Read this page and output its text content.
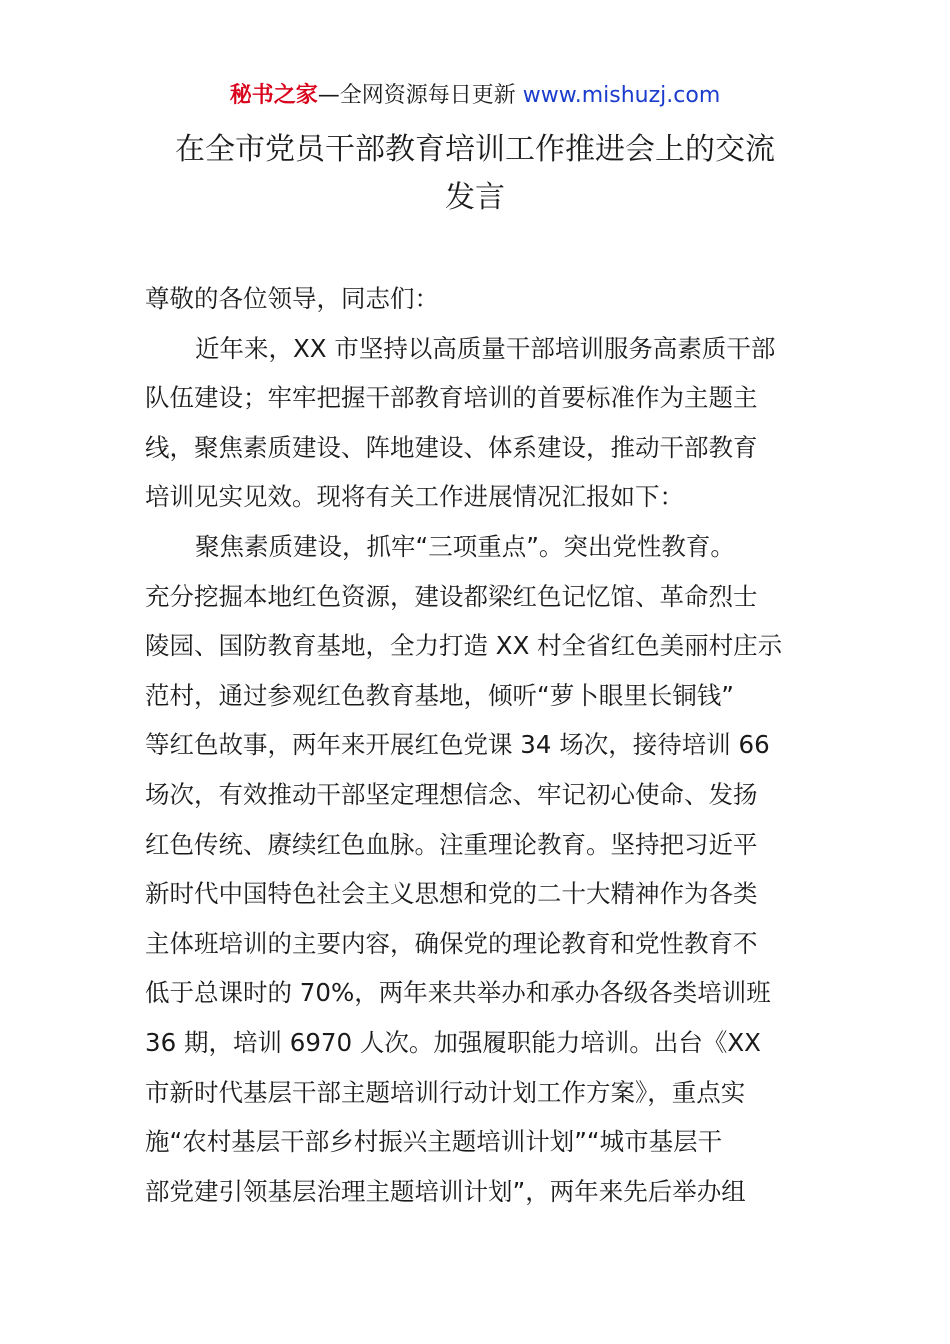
秘书之家—全网资源每日更新 www.mishuzj.com
在全市党员干部教育培训工作推进会上的交流
发言
尊敬的各位领导，同志们：
近年来，XX 市坚持以高质量干部培训服务高素质干部
队伍建设；牢牢把握干部教育培训的首要标准作为主题主
线，聚焦素质建设、阵地建设、体系建设，推动干部教育
培训见实见效。现将有关工作进展情况汇报如下：
聚焦素质建设，抓牢“三项重点”。突出党性教育。
充分挖掘本地红色资源，建设都梁红色记忆馆、革命烈士
陵园、国防教育基地，全力打造 XX 村全省红色美丽村庄示
范村，通过参观红色教育基地，倾听“萝卜眼里长铜钱”
等红色故事，两年来开展红色党课 34 场次，接待培训 66
场次，有效推动干部坚定理想信念、牢记初心使命、发扬
红色传统、赓续红色血脉。注重理论教育。坚持把习近平
新时代中国特色社会主义思想和党的二十大精神作为各类
主体班培训的主要内容，确保党的理论教育和党性教育不
低于总课时的 70%，两年来共举办和承办各级各类培训班
36 期，培训 6970 人次。加强履职能力培训。出台《XX
市新时代基层干部主题培训行动计划工作方案》，重点实
施“农村基层干部乡村振兴主题培训计划”“城市基层干
部党建引领基层治理主题培训计划”，两年来先后举办组
